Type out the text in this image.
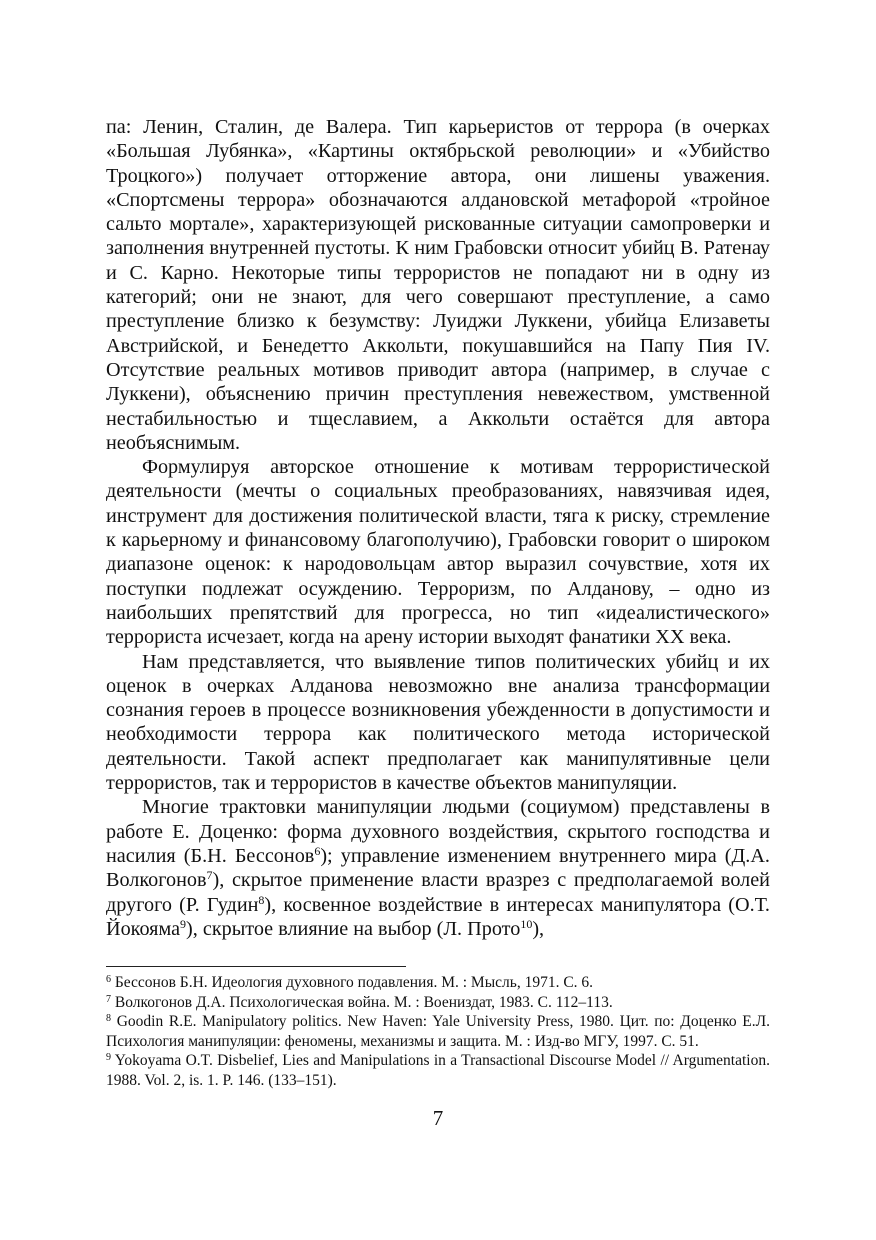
па: Ленин, Сталин, де Валера. Тип карьеристов от террора (в очерках «Большая Лубянка», «Картины октябрьской революции» и «Убийство Троцкого») получает отторжение автора, они лишены уважения. «Спортсмены террора» обозначаются алдановской метафорой «тройное сальто мортале», характеризующей рискованные ситуации самопроверки и заполнения внутренней пустоты. К ним Грабовски относит убийц В. Ратенау и С. Карно. Некоторые типы террористов не попадают ни в одну из категорий; они не знают, для чего совершают преступление, а само преступление близко к безумству: Луиджи Луккени, убийца Елизаветы Австрийской, и Бенедетто Аккольти, покушавшийся на Папу Пия IV. Отсутствие реальных мотивов приводит автора (например, в случае с Луккени), объяснению причин преступления невежеством, умственной нестабильностью и тщеславием, а Аккольти остаётся для автора необъяснимым.

Формулируя авторское отношение к мотивам террористической деятельности (мечты о социальных преобразованиях, навязчивая идея, инструмент для достижения политической власти, тяга к риску, стремление к карьерному и финансовому благополучию), Грабовски говорит о широком диапазоне оценок: к народовольцам автор выразил сочувствие, хотя их поступки подлежат осуждению. Терроризм, по Алданову, – одно из наибольших препятствий для прогресса, но тип «идеалистического» террориста исчезает, когда на арену истории выходят фанатики XX века.

Нам представляется, что выявление типов политических убийц и их оценок в очерках Алданова невозможно вне анализа трансформации сознания героев в процессе возникновения убежденности в допустимости и необходимости террора как политического метода исторической деятельности. Такой аспект предполагает как манипулятивные цели террористов, так и террористов в качестве объектов манипуляции.

Многие трактовки манипуляции людьми (социумом) представлены в работе Е. Доценко: форма духовного воздействия, скрытого господства и насилия (Б.Н. Бессонов$^6$); управление изменением внутреннего мира (Д.А. Волкогонов$^7$), скрытое применение власти вразрез с предполагаемой волей другого (Р. Гудин$^8$), косвенное воздействие в интересах манипулятора (О.Т. Йокояма$^9$), скрытое влияние на выбор (Л. Прото$^{10}$),

$^6$ Бессонов Б.Н. Идеология духовного подавления. М. : Мысль, 1971. С. 6.

$^7$ Волкогонов Д.А. Психологическая война. М. : Воениздат, 1983. С. 112–113.

$^8$ Goodin R.E. Manipulatory politics. New Haven: Yale University Press, 1980. Цит. по: Доценко Е.Л. Психология манипуляции: феномены, механизмы и защита. М. : Изд-во МГУ, 1997. С. 51.

$^9$ Yokoyama O.T. Disbelief, Lies and Manipulations in a Transactional Discourse Model // Argumentation. 1988. Vol. 2, is. 1. P. 146. (133–151).

7
